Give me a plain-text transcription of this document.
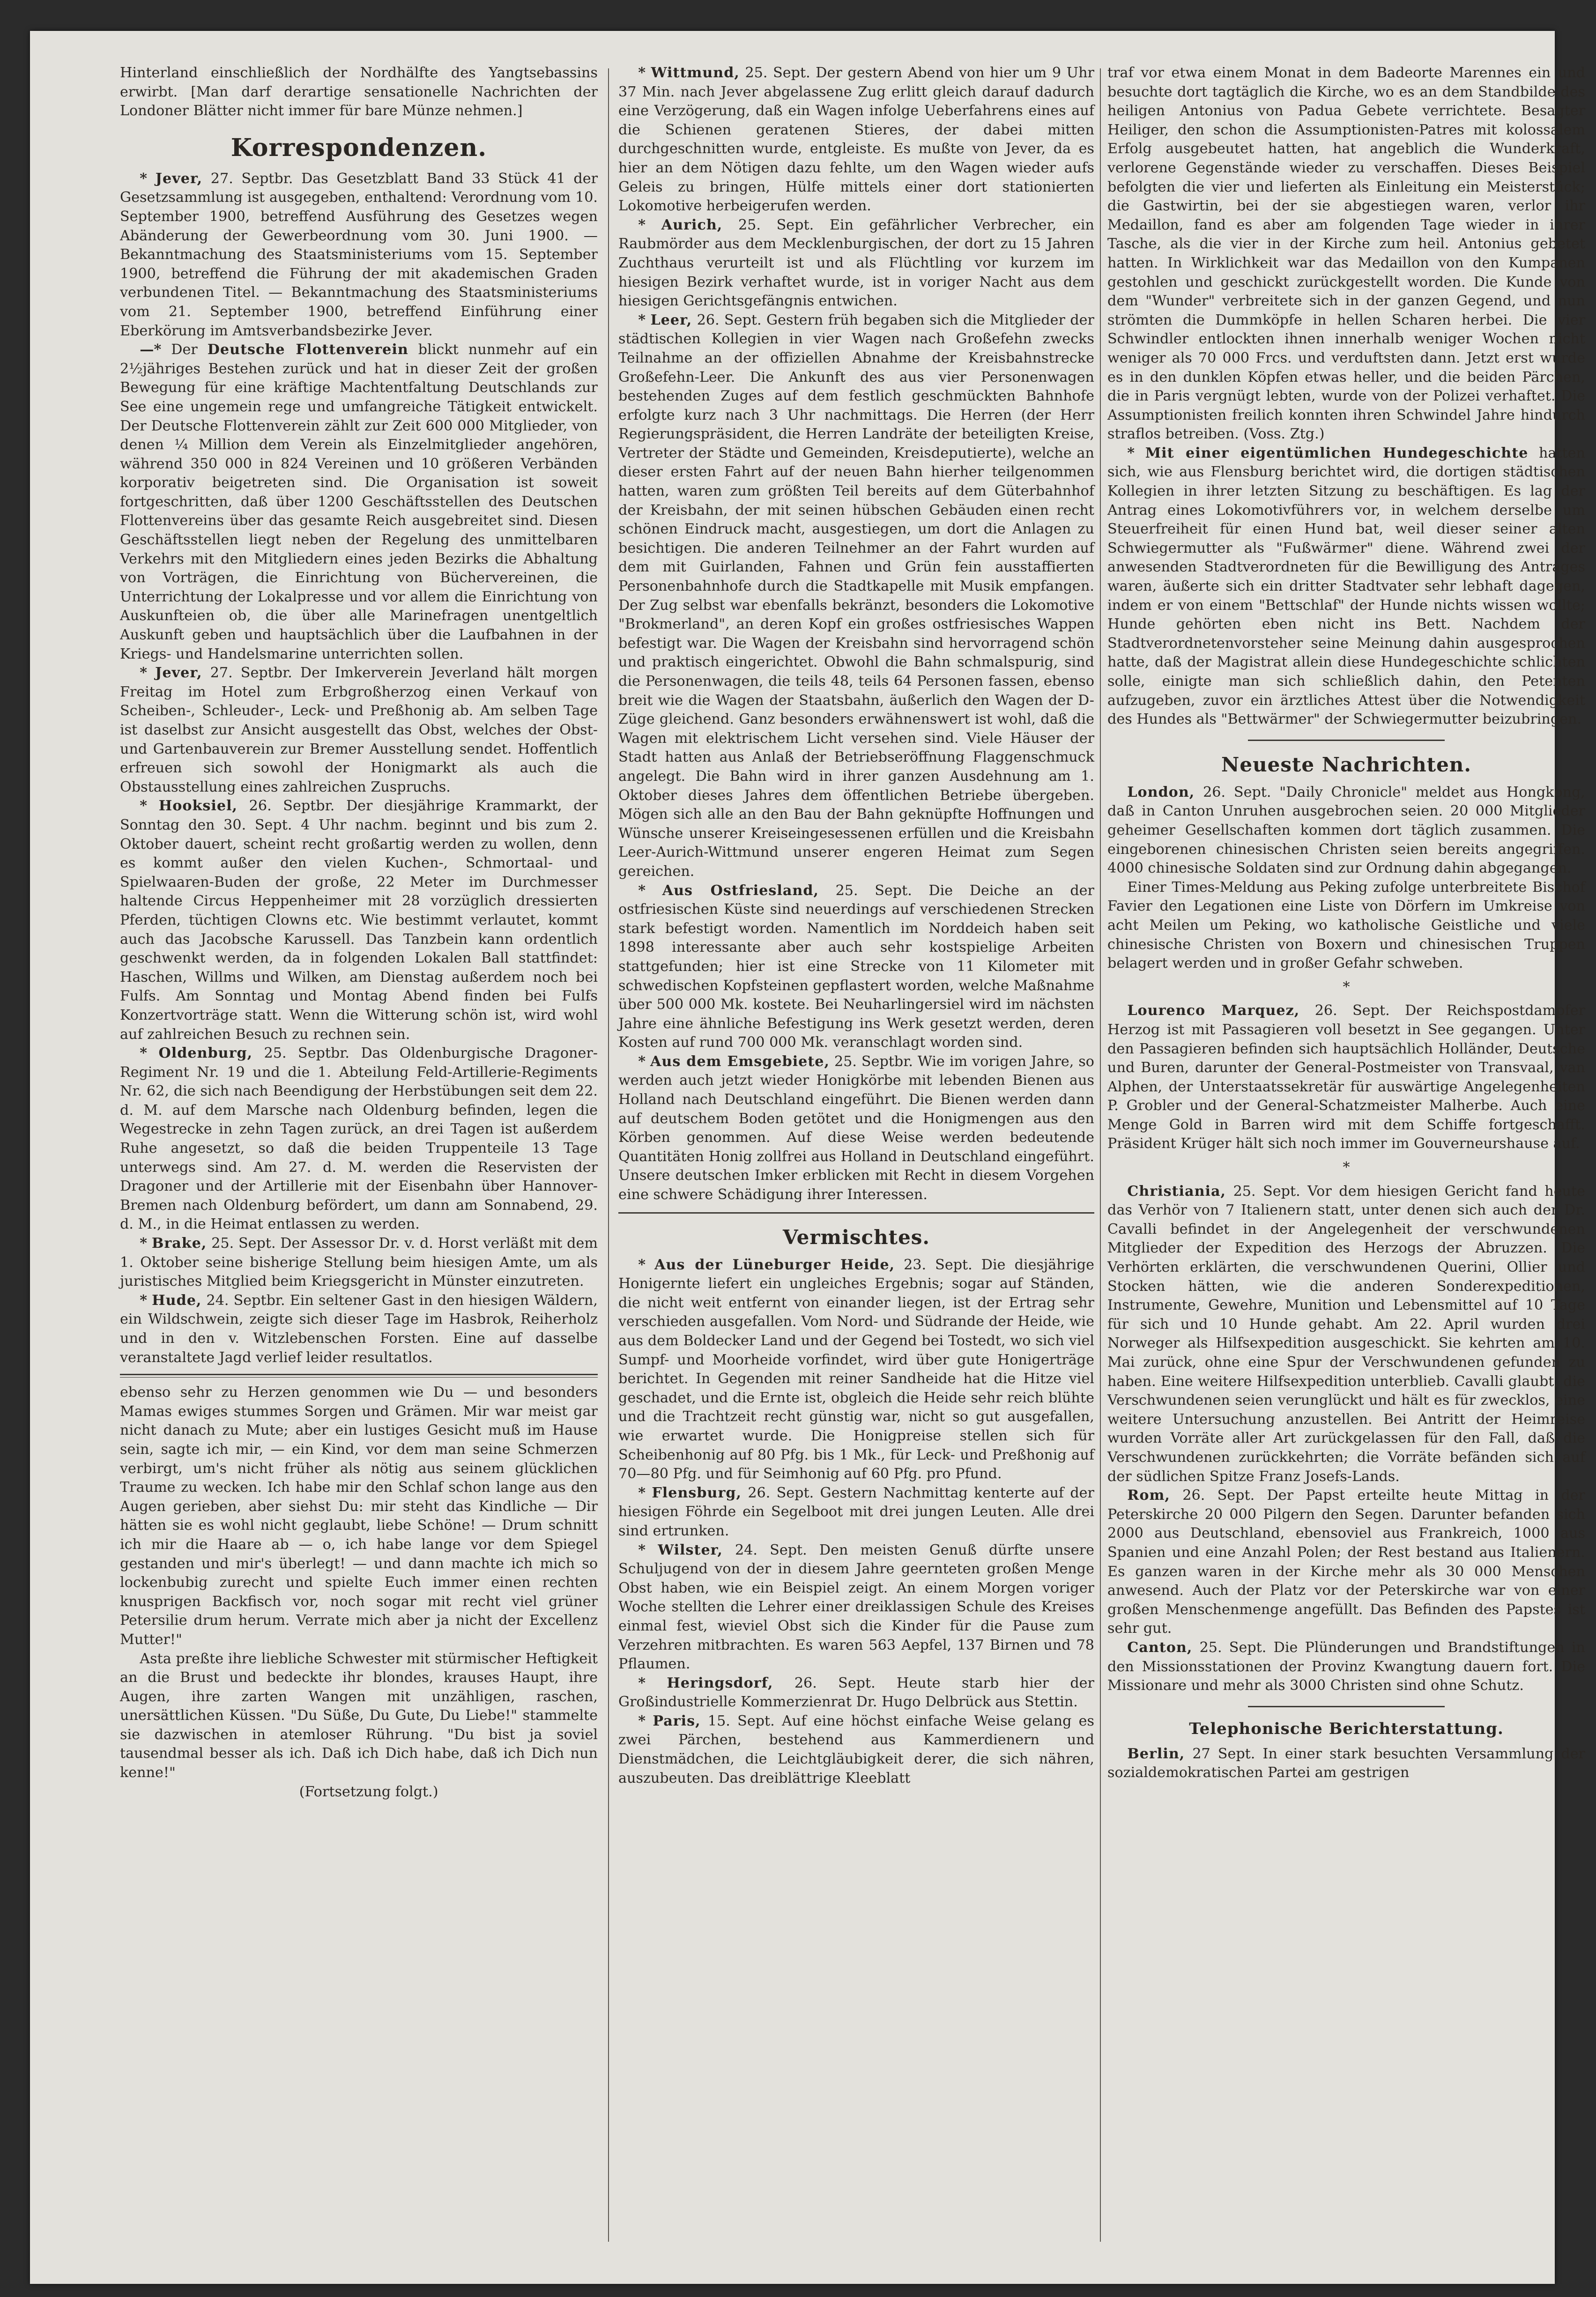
Hinterland einschließlich der Nordhälfte des Yangtsebassins erwirbt. [Man darf derartige sensationelle Nachrichten der Londoner Blätter nicht immer für bare Münze nehmen.]

Korrespondenzen.

* Jever, 27. Septbr. Das Gesetzblatt Band 33 Stück 41 der Gesetzsammlung ist ausgegeben, enthaltend: Verordnung vom 10. September 1900, betreffend Ausführung des Gesetzes wegen Abänderung der Gewerbeordnung vom 30. Juni 1900. — Bekanntmachung des Staatsministeriums vom 15. September 1900, betreffend die Führung der mit akademischen Graden verbundenen Titel. — Bekanntmachung des Staatsministeriums vom 21. September 1900, betreffend Einführung einer Eberkörung im Amtsverbandsbezirke Jever.

—* Der Deutsche Flottenverein blickt nunmehr auf ein 2½jähriges Bestehen zurück und hat in dieser Zeit der großen Bewegung für eine kräftige Machtentfaltung Deutschlands zur See eine ungemein rege und umfangreiche Tätigkeit entwickelt. Der Deutsche Flottenverein zählt zur Zeit 600 000 Mitglieder, von denen ¼ Million dem Verein als Einzelmitglieder angehören, während 350 000 in 824 Vereinen und 10 größeren Verbänden korporativ beigetreten sind. Die Organisation ist soweit fortgeschritten, daß über 1200 Geschäftsstellen des Deutschen Flottenvereins über das gesamte Reich ausgebreitet sind. Diesen Geschäftsstellen liegt neben der Regelung des unmittelbaren Verkehrs mit den Mitgliedern eines jeden Bezirks die Abhaltung von Vorträgen, die Einrichtung von Büchervereinen, die Unterrichtung der Lokalpresse und vor allem die Einrichtung von Auskunfteien ob, die über alle Marinefragen unentgeltlich Auskunft geben und hauptsächlich über die Laufbahnen in der Kriegs- und Handelsmarine unterrichten sollen.

* Jever, 27. Septbr. Der Imkerverein Jeverland hält morgen Freitag im Hotel zum Erbgroßherzog einen Verkauf von Scheiben-, Schleuder-, Leck- und Preßhonig ab. Am selben Tage ist daselbst zur Ansicht ausgestellt das Obst, welches der Obst- und Gartenbauverein zur Bremer Ausstellung sendet. Hoffentlich erfreuen sich sowohl der Honigmarkt als auch die Obstausstellung eines zahlreichen Zuspruchs.

* Hooksiel, 26. Septbr. Der diesjährige Krammarkt, der Sonntag den 30. Sept. 4 Uhr nachm. beginnt und bis zum 2. Oktober dauert, scheint recht großartig werden zu wollen, denn es kommt außer den vielen Kuchen-, Schmortaal- und Spielwaaren-Buden der große, 22 Meter im Durchmesser haltende Circus Heppenheimer mit 28 vorzüglich dressierten Pferden, tüchtigen Clowns etc. Wie bestimmt verlautet, kommt auch das Jacobsche Karussell. Das Tanzbein kann ordentlich geschwenkt werden, da in folgenden Lokalen Ball stattfindet: Haschen, Willms und Wilken, am Dienstag außerdem noch bei Fulfs. Am Sonntag und Montag Abend finden bei Fulfs Konzertvorträge statt. Wenn die Witterung schön ist, wird wohl auf zahlreichen Besuch zu rechnen sein.

* Oldenburg, 25. Septbr. Das Oldenburgische Dragoner-Regiment Nr. 19 und die 1. Abteilung Feld-Artillerie-Regiments Nr. 62, die sich nach Beendigung der Herbstübungen seit dem 22. d. M. auf dem Marsche nach Oldenburg befinden, legen die Wegestrecke in zehn Tagen zurück, an drei Tagen ist außerdem Ruhe angesetzt, so daß die beiden Truppenteile 13 Tage unterwegs sind. Am 27. d. M. werden die Reservisten der Dragoner und der Artillerie mit der Eisenbahn über Hannover-Bremen nach Oldenburg befördert, um dann am Sonnabend, 29. d. M., in die Heimat entlassen zu werden.

* Brake, 25. Sept. Der Assessor Dr. v. d. Horst verläßt mit dem 1. Oktober seine bisherige Stellung beim hiesigen Amte, um als juristisches Mitglied beim Kriegsgericht in Münster einzutreten.

* Hude, 24. Septbr. Ein seltener Gast in den hiesigen Wäldern, ein Wildschwein, zeigte sich dieser Tage im Hasbrok, Reiherholz und in den v. Witzlebenschen Forsten. Eine auf dasselbe veranstaltete Jagd verlief leider resultatlos.

ebenso sehr zu Herzen genommen wie Du — und besonders Mamas ewiges stummes Sorgen und Grämen. Mir war meist gar nicht danach zu Mute; aber ein lustiges Gesicht muß im Hause sein, sagte ich mir, — ein Kind, vor dem man seine Schmerzen verbirgt, um's nicht früher als nötig aus seinem glücklichen Traume zu wecken. Ich habe mir den Schlaf schon lange aus den Augen gerieben, aber siehst Du: mir steht das Kindliche — Dir hätten sie es wohl nicht geglaubt, liebe Schöne! — Drum schnitt ich mir die Haare ab — o, ich habe lange vor dem Spiegel gestanden und mir's überlegt! — und dann machte ich mich so lockenbubig zurecht und spielte Euch immer einen rechten knusprigen Backfisch vor, noch sogar mit recht viel grüner Petersilie drum herum. Verrate mich aber ja nicht der Excellenz Mutter!"

Asta preßte ihre liebliche Schwester mit stürmischer Heftigkeit an die Brust und bedeckte ihr blondes, krauses Haupt, ihre Augen, ihre zarten Wangen mit unzähligen, raschen, unersättlichen Küssen. "Du Süße, Du Gute, Du Liebe!" stammelte sie dazwischen in atemloser Rührung. "Du bist ja soviel tausendmal besser als ich. Daß ich Dich habe, daß ich Dich nun kenne!"

(Fortsetzung folgt.)

* Wittmund, 25. Sept. Der gestern Abend von hier um 9 Uhr 37 Min. nach Jever abgelassene Zug erlitt gleich darauf dadurch eine Verzögerung, daß ein Wagen infolge Ueberfahrens eines auf die Schienen geratenen Stieres, der dabei mitten durchgeschnitten wurde, entgleiste. Es mußte von Jever, da es hier an dem Nötigen dazu fehlte, um den Wagen wieder aufs Geleis zu bringen, Hülfe mittels einer dort stationierten Lokomotive herbeigerufen werden.

* Aurich, 25. Sept. Ein gefährlicher Verbrecher, ein Raubmörder aus dem Mecklenburgischen, der dort zu 15 Jahren Zuchthaus verurteilt ist und als Flüchtling vor kurzem im hiesigen Bezirk verhaftet wurde, ist in voriger Nacht aus dem hiesigen Gerichtsgefängnis entwichen.

* Leer, 26. Sept. Gestern früh begaben sich die Mitglieder der städtischen Kollegien in vier Wagen nach Großefehn zwecks Teilnahme an der offiziellen Abnahme der Kreisbahnstrecke Großefehn-Leer. Die Ankunft des aus vier Personenwagen bestehenden Zuges auf dem festlich geschmückten Bahnhofe erfolgte kurz nach 3 Uhr nachmittags. Die Herren (der Herr Regierungspräsident, die Herren Landräte der beteiligten Kreise, Vertreter der Städte und Gemeinden, Kreisdeputierte), welche an dieser ersten Fahrt auf der neuen Bahn hierher teilgenommen hatten, waren zum größten Teil bereits auf dem Güterbahnhof der Kreisbahn, der mit seinen hübschen Gebäuden einen recht schönen Eindruck macht, ausgestiegen, um dort die Anlagen zu besichtigen. Die anderen Teilnehmer an der Fahrt wurden auf dem mit Guirlanden, Fahnen und Grün fein ausstaffierten Personenbahnhofe durch die Stadtkapelle mit Musik empfangen. Der Zug selbst war ebenfalls bekränzt, besonders die Lokomotive "Brokmerland", an deren Kopf ein großes ostfriesisches Wappen befestigt war. Die Wagen der Kreisbahn sind hervorragend schön und praktisch eingerichtet. Obwohl die Bahn schmalspurig, sind die Personenwagen, die teils 48, teils 64 Personen fassen, ebenso breit wie die Wagen der Staatsbahn, äußerlich den Wagen der D-Züge gleichend. Ganz besonders erwähnenswert ist wohl, daß die Wagen mit elektrischem Licht versehen sind. Viele Häuser der Stadt hatten aus Anlaß der Betriebseröffnung Flaggenschmuck angelegt. Die Bahn wird in ihrer ganzen Ausdehnung am 1. Oktober dieses Jahres dem öffentlichen Betriebe übergeben. Mögen sich alle an den Bau der Bahn geknüpfte Hoffnungen und Wünsche unserer Kreiseingesessenen erfüllen und die Kreisbahn Leer-Aurich-Wittmund unserer engeren Heimat zum Segen gereichen.

* Aus Ostfriesland, 25. Sept. Die Deiche an der ostfriesischen Küste sind neuerdings auf verschiedenen Strecken stark befestigt worden. Namentlich im Norddeich haben seit 1898 interessante aber auch sehr kostspielige Arbeiten stattgefunden; hier ist eine Strecke von 11 Kilometer mit schwedischen Kopfsteinen gepflastert worden, welche Maßnahme über 500 000 Mk. kostete. Bei Neuharlingersiel wird im nächsten Jahre eine ähnliche Befestigung ins Werk gesetzt werden, deren Kosten auf rund 700 000 Mk. veranschlagt worden sind.

* Aus dem Emsgebiete, 25. Septbr. Wie im vorigen Jahre, so werden auch jetzt wieder Honigkörbe mit lebenden Bienen aus Holland nach Deutschland eingeführt. Die Bienen werden dann auf deutschem Boden getötet und die Honigmengen aus den Körben genommen. Auf diese Weise werden bedeutende Quantitäten Honig zollfrei aus Holland in Deutschland eingeführt. Unsere deutschen Imker erblicken mit Recht in diesem Vorgehen eine schwere Schädigung ihrer Interessen.

Vermischtes.

* Aus der Lüneburger Heide, 23. Sept. Die diesjährige Honigernte liefert ein ungleiches Ergebnis; sogar auf Ständen, die nicht weit entfernt von einander liegen, ist der Ertrag sehr verschieden ausgefallen. Vom Nord- und Südrande der Heide, wie aus dem Boldecker Land und der Gegend bei Tostedt, wo sich viel Sumpf- und Moorheide vorfindet, wird über gute Honigerträge berichtet. In Gegenden mit reiner Sandheide hat die Hitze viel geschadet, und die Ernte ist, obgleich die Heide sehr reich blühte und die Trachtzeit recht günstig war, nicht so gut ausgefallen, wie erwartet wurde. Die Honigpreise stellen sich für Scheibenhonig auf 80 Pfg. bis 1 Mk., für Leck- und Preßhonig auf 70—80 Pfg. und für Seimhonig auf 60 Pfg. pro Pfund.

* Flensburg, 26. Sept. Gestern Nachmittag kenterte auf der hiesigen Föhrde ein Segelboot mit drei jungen Leuten. Alle drei sind ertrunken.

* Wilster, 24. Sept. Den meisten Genuß dürfte unsere Schuljugend von der in diesem Jahre geernteten großen Menge Obst haben, wie ein Beispiel zeigt. An einem Morgen voriger Woche stellten die Lehrer einer dreiklassigen Schule des Kreises einmal fest, wieviel Obst sich die Kinder für die Pause zum Verzehren mitbrachten. Es waren 563 Aepfel, 137 Birnen und 78 Pflaumen.

* Heringsdorf, 26. Sept. Heute starb hier der Großindustrielle Kommerzienrat Dr. Hugo Delbrück aus Stettin.

* Paris, 15. Sept. Auf eine höchst einfache Weise gelang es zwei Pärchen, bestehend aus Kammerdienern und Dienstmädchen, die Leichtgläubigkeit derer, die sich nähren, auszubeuten. Das dreiblättrige Kleeblatt

traf vor etwa einem Monat in dem Badeorte Marennes ein und besuchte dort tagtäglich die Kirche, wo es an dem Standbilde des heiligen Antonius von Padua Gebete verrichtete. Besagter Heiliger, den schon die Assumptionisten-Patres mit kolossalem Erfolg ausgebeutet hatten, hat angeblich die Wunderkraft, verlorene Gegenstände wieder zu verschaffen. Dieses Beispiel befolgten die vier und lieferten als Einleitung ein Meisterstück; die Gastwirtin, bei der sie abgestiegen waren, verlor ihr Medaillon, fand es aber am folgenden Tage wieder in ihrer Tasche, als die vier in der Kirche zum heil. Antonius gebetet hatten. In Wirklichkeit war das Medaillon von den Kumpanen gestohlen und geschickt zurückgestellt worden. Die Kunde von dem "Wunder" verbreitete sich in der ganzen Gegend, und nun strömten die Dummköpfe in hellen Scharen herbei. Die vier Schwindler entlockten ihnen innerhalb weniger Wochen nicht weniger als 70 000 Frcs. und verduftsten dann. Jetzt erst wurde es in den dunklen Köpfen etwas heller, und die beiden Pärchen, die in Paris vergnügt lebten, wurde von der Polizei verhaftet. Die Assumptionisten freilich konnten ihren Schwindel Jahre hindurch straflos betreiben. (Voss. Ztg.)

* Mit einer eigentümlichen Hundegeschichte hatten sich, wie aus Flensburg berichtet wird, die dortigen städtischen Kollegien in ihrer letzten Sitzung zu beschäftigen. Es lag der Antrag eines Lokomotivführers vor, in welchem derselbe um Steuerfreiheit für einen Hund bat, weil dieser seiner alten Schwiegermutter als "Fußwärmer" diene. Während zwei der anwesenden Stadtverordneten für die Bewilligung des Antrages waren, äußerte sich ein dritter Stadtvater sehr lebhaft dagegen, indem er von einem "Bettschlaf" der Hunde nichts wissen wollte; Hunde gehörten eben nicht ins Bett. Nachdem der Stadtverordnetenvorsteher seine Meinung dahin ausgesprochen hatte, daß der Magistrat allein diese Hundegeschichte schlichten solle, einigte man sich schließlich dahin, den Petenten aufzugeben, zuvor ein ärztliches Attest über die Notwendigkeit des Hundes als "Bettwärmer" der Schwiegermutter beizubringen.

Neueste Nachrichten.

London, 26. Sept. "Daily Chronicle" meldet aus Hongkong, daß in Canton Unruhen ausgebrochen seien. 20 000 Mitglieder geheimer Gesellschaften kommen dort täglich zusammen. Die eingeborenen chinesischen Christen seien bereits angegriffen. 4000 chinesische Soldaten sind zur Ordnung dahin abgegangen.

Einer Times-Meldung aus Peking zufolge unterbreitete Bischof Favier den Legationen eine Liste von Dörfern im Umkreise von acht Meilen um Peking, wo katholische Geistliche und viele chinesische Christen von Boxern und chinesischen Truppen belagert werden und in großer Gefahr schweben.

*

Lourenco Marquez, 26. Sept. Der Reichspostdampfer Herzog ist mit Passagieren voll besetzt in See gegangen. Unter den Passagieren befinden sich hauptsächlich Holländer, Deutsche und Buren, darunter der General-Postmeister von Transvaal, van Alphen, der Unterstaatssekretär für auswärtige Angelegenheiten P. Grobler und der General-Schatzmeister Malherbe. Auch eine Menge Gold in Barren wird mit dem Schiffe fortgeschafft. Präsident Krüger hält sich noch immer im Gouverneurshause auf.

*

Christiania, 25. Sept. Vor dem hiesigen Gericht fand heute das Verhör von 7 Italienern statt, unter denen sich auch der Dr. Cavalli befindet in der Angelegenheit der verschwundenen Mitglieder der Expedition des Herzogs der Abruzzen. Die Verhörten erklärten, die verschwundenen Querini, Ollier und Stocken hätten, wie die anderen Sonderexpeditionen, Instrumente, Gewehre, Munition und Lebensmittel auf 10 Tage für sich und 10 Hunde gehabt. Am 22. April wurden drei Norweger als Hilfsexpedition ausgeschickt. Sie kehrten am 10. Mai zurück, ohne eine Spur der Verschwundenen gefunden zu haben. Eine weitere Hilfsexpedition unterblieb. Cavalli glaubt, die Verschwundenen seien verunglückt und hält es für zwecklos, eine weitere Untersuchung anzustellen. Bei Antritt der Heimreise wurden Vorräte aller Art zurückgelassen für den Fall, daß die Verschwundenen zurückkehrten; die Vorräte befänden sich auf der südlichen Spitze Franz Josefs-Lands.

Rom, 26. Sept. Der Papst erteilte heute Mittag in der Peterskirche 20 000 Pilgern den Segen. Darunter befanden sich 2000 aus Deutschland, ebensoviel aus Frankreich, 1000 aus Spanien und eine Anzahl Polen; der Rest bestand aus Italienern. Es ganzen waren in der Kirche mehr als 30 000 Menschen anwesend. Auch der Platz vor der Peterskirche war von einer großen Menschenmenge angefüllt. Das Befinden des Papstes ist sehr gut.

Canton, 25. Sept. Die Plünderungen und Brandstiftungen in den Missionsstationen der Provinz Kwangtung dauern fort. Die Missionare und mehr als 3000 Christen sind ohne Schutz.

Telephonische Berichterstattung.

Berlin, 27 Sept. In einer stark besuchten Versammlung der sozialdemokratischen Partei am gestrigen
